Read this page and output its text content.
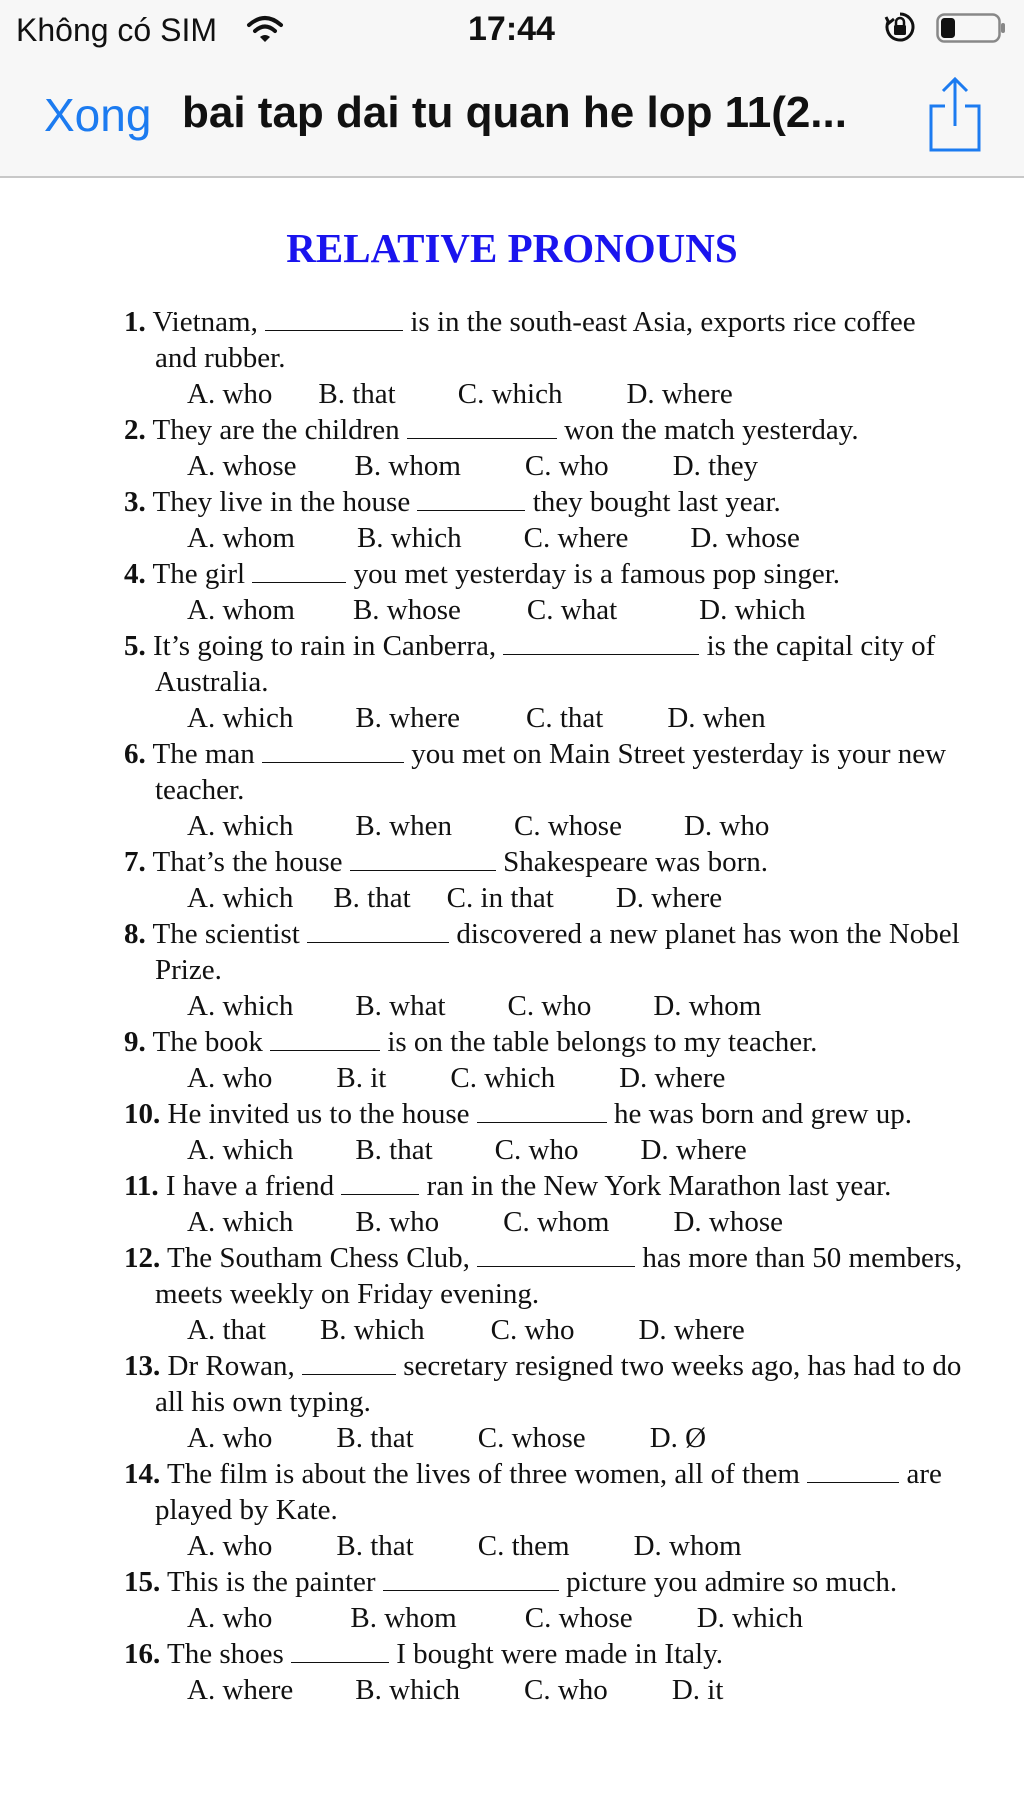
Không có SIM	17:44
Xong bai tap dai tu quan he lop 11(2...
RELATIVE PRONOUNS
1. Vietnam,	is in the south-east Asia, exports rice coffee and rubber.
A. who B. that C. which D. where
2. They are the children	won the match yesterday.
A. whose B. whom C. who D. they
3. They live in the house	they bought last year.
A. whom B. which C. where D. whose
4. The girl	you met yesterday is a famous pop singer.
A. whom B. whose C. what	D. which
5. It’s going to rain in Canberra,	is the capital city of Australia.
A. which B. where C. that D. when
6. The man	you met on Main Street yesterday is your new teacher.
A. which B. when C. whose D. who
7. That’s the house	Shakespeare was born.
A. which B. that C. in that D. where
8. The scientist	discovered a new planet has won the Nobel Prize.
A. which B. what C. who D. whom
9. The book	is on the table belongs to my teacher.
A. who B. it C. which D. where
10. He invited us to the house	he was born and grew up.
A. which B. that C. who D. where
11. I have a friend	ran in the New York Marathon last year.
A. which B. who C. whom D. whose
12. The Southam Chess Club,	has more than 50 members, meets weekly on Friday evening.
A. that B. which C. who D. where
13. Dr Rowan,	secretary resigned two weeks ago, has had to do all his own typing.
A. who B. that C. whose D. Ø
14. The film is about the lives of three women, all of them	are played by Kate.
A. who B. that C. them D. whom
15. This is the painter	picture you admire so much.
A. who	B. whom C. whose D. which
16. The shoes	I bought were made in Italy.
A. where B. which C. who D. it
